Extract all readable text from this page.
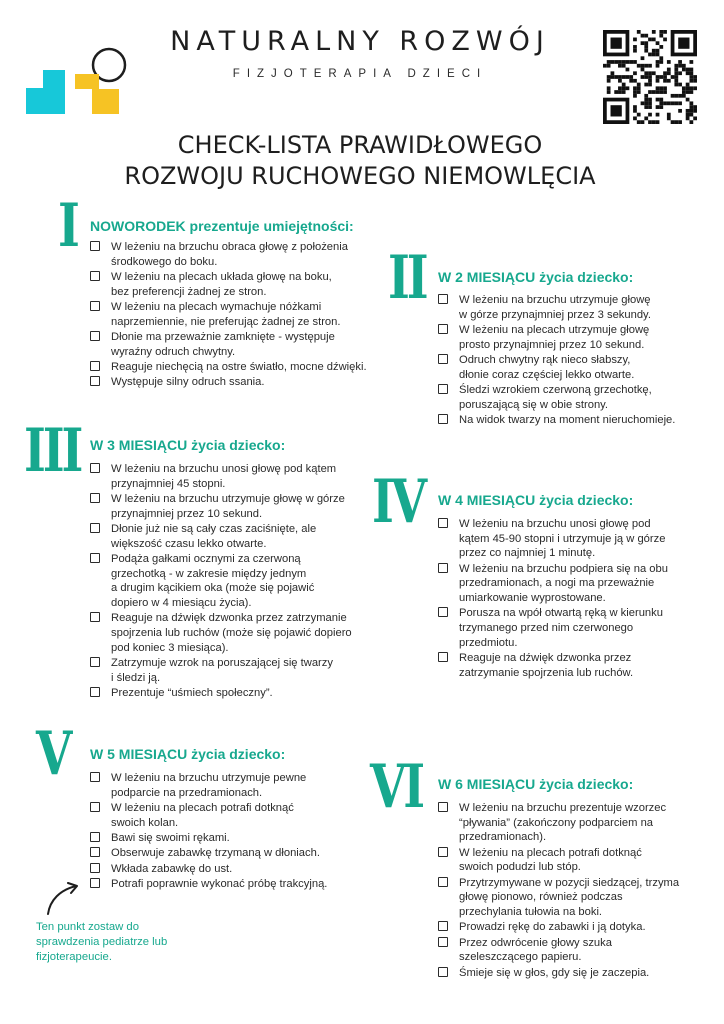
NATURALNY ROZWÓJ
FIZJOTERAPIA DZIECI
CHECK-LISTA PRAWIDŁOWEGO
ROZWOJU RUCHOWEGO NIEMOWLĘCIA
I NOWORODEK prezentuje umiejętności:
W leżeniu na brzuchu obraca głowę z położenia
środkowego do boku.
W leżeniu na plecach układa głowę na boku,
bez preferencji żadnej ze stron.
W leżeniu na plecach wymachuje nóżkami
naprzemiennie, nie preferując żadnej ze stron.
Dłonie ma przeważnie zamknięte - występuje
wyraźny odruch chwytny.
Reaguje niechęcią na ostre światło, mocne dźwięki.
Występuje silny odruch ssania.
II W 2 MIESIĄCU życia dziecko:
W leżeniu na brzuchu utrzymuje głowę
w górze przynajmniej przez 3 sekundy.
W leżeniu na plecach utrzymuje głowę
prosto przynajmniej przez 10 sekund.
Odruch chwytny rąk nieco słabszy,
dłonie coraz częściej lekko otwarte.
Śledzi wzrokiem czerwoną grzechotkę,
poruszającą się w obie strony.
Na widok twarzy na moment nieruchomieje.
III W 3 MIESIĄCU życia dziecko:
W leżeniu na brzuchu unosi głowę pod kątem
przynajmniej 45 stopni.
W leżeniu na brzuchu utrzymuje głowę w górze
przynajmniej przez 10 sekund.
Dłonie już nie są cały czas zaciśnięte, ale
większość czasu lekko otwarte.
Podąża gałkami ocznymi za czerwoną
grzechotką - w zakresie między jednym
a drugim kącikiem oka (może się pojawić
dopiero w 4 miesiącu życia).
Reaguje na dźwięk dzwonka przez zatrzymanie
spojrzenia lub ruchów (może się pojawić dopiero
pod koniec 3 miesiąca).
Zatrzymuje wzrok na poruszającej się twarzy
i śledzi ją.
Prezentuje “uśmiech społeczny”.
IV W 4 MIESIĄCU życia dziecko:
W leżeniu na brzuchu unosi głowę pod
kątem 45-90 stopni i utrzymuje ją w górze
przez co najmniej 1 minutę.
W leżeniu na brzuchu podpiera się na obu
przedramionach, a nogi ma przeważnie
umiarkowanie wyprostowane.
Porusza na wpół otwartą ręką w kierunku
trzymanego przed nim czerwonego
przedmiotu.
Reaguje na dźwięk dzwonka przez
zatrzymanie spojrzenia lub ruchów.
V W 5 MIESIĄCU życia dziecko:
W leżeniu na brzuchu utrzymuje pewne
podparcie na przedramionach.
W leżeniu na plecach potrafi dotknąć
swoich kolan.
Bawi się swoimi rękami.
Obserwuje zabawkę trzymaną w dłoniach.
Wkłada zabawkę do ust.
Potrafi poprawnie wykonać próbę trakcyjną.
VI W 6 MIESIĄCU życia dziecko:
W leżeniu na brzuchu prezentuje wzorzec
“pływania” (zakończony podparciem na
przedramionach).
W leżeniu na plecach potrafi dotknąć
swoich podudzi lub stóp.
Przytrzymywane w pozycji siedzącej, trzyma
głowę pionowo, również podczas
przechylania tułowia na boki.
Prowadzi rękę do zabawki i ją dotyka.
Przez odwrócenie głowy szuka
szeleszczącego papieru.
Śmieje się w głos, gdy się je zaczepia.
Ten punkt zostaw do
sprawdzenia pediatrze lub
fizjoterapeucie.
